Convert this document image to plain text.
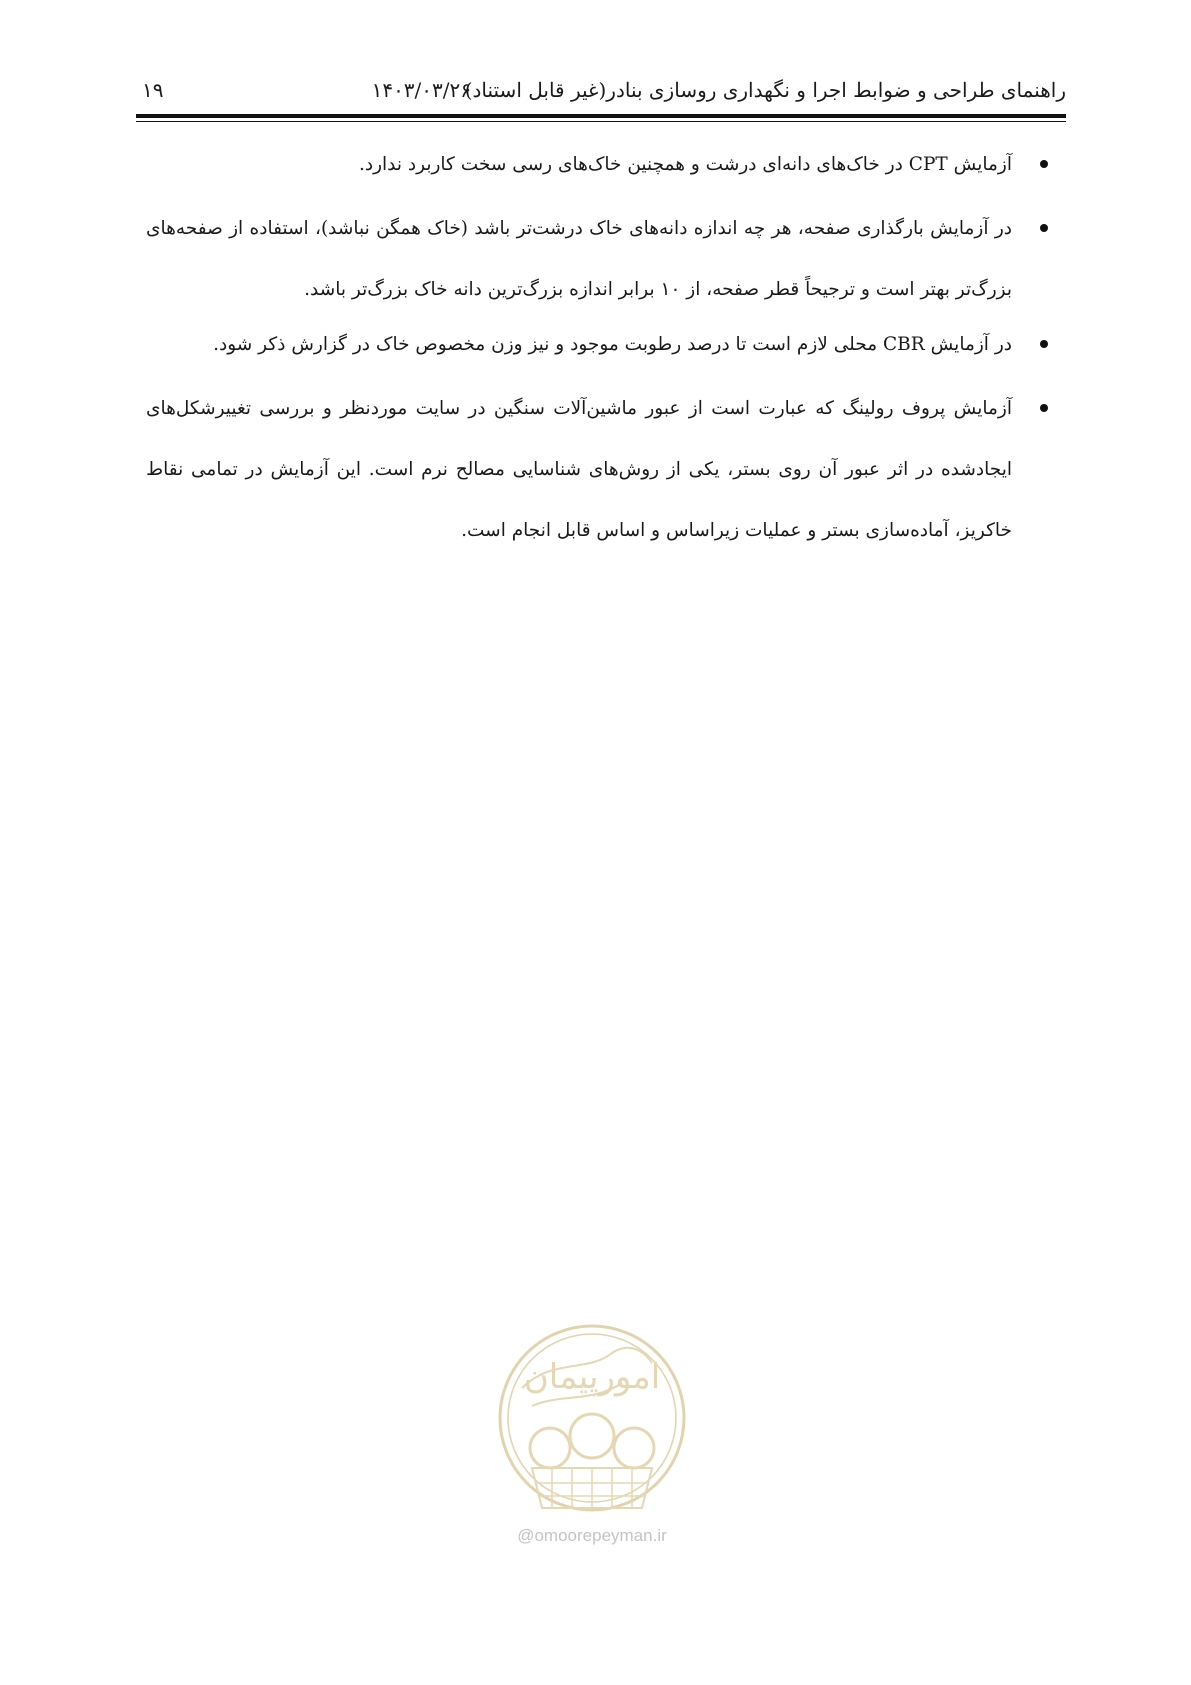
راهنمای طراحی و ضوابط اجرا و نگهداری روسازی بنادر(غیر قابل استناد)
۱۴۰۳/۰۳/۲۶
۱۹
آزمایش CPT در خاک‌های دانه‌ای درشت و همچنین خاک‌های رسی سخت کاربرد ندارد.
در آزمایش بارگذاری صفحه، هر چه اندازه دانه‌های خاک درشت‌تر باشد (خاک همگن نباشد)، استفاده از صفحه‌های بزرگ‌تر بهتر است و ترجیحاً قطر صفحه، از ۱۰ برابر اندازه بزرگ‌ترین دانه خاک بزرگ‌تر باشد.
در آزمایش CBR محلی لازم است تا درصد رطوبت موجود و نیز وزن مخصوص خاک در گزارش ذکر شود.
آزمایش پروف رولینگ که عبارت است از عبور ماشین‌آلات سنگین در سایت موردنظر و بررسی تغییرشکل‌های ایجادشده در اثر عبور آن روی بستر، یکی از روش‌های شناسایی مصالح نرم است. این آزمایش در تمامی نقاط خاکریز، آماده‌سازی بستر و عملیات زیراساس و اساس قابل انجام است.
امورپیمان
@omoorepeyman.ir
